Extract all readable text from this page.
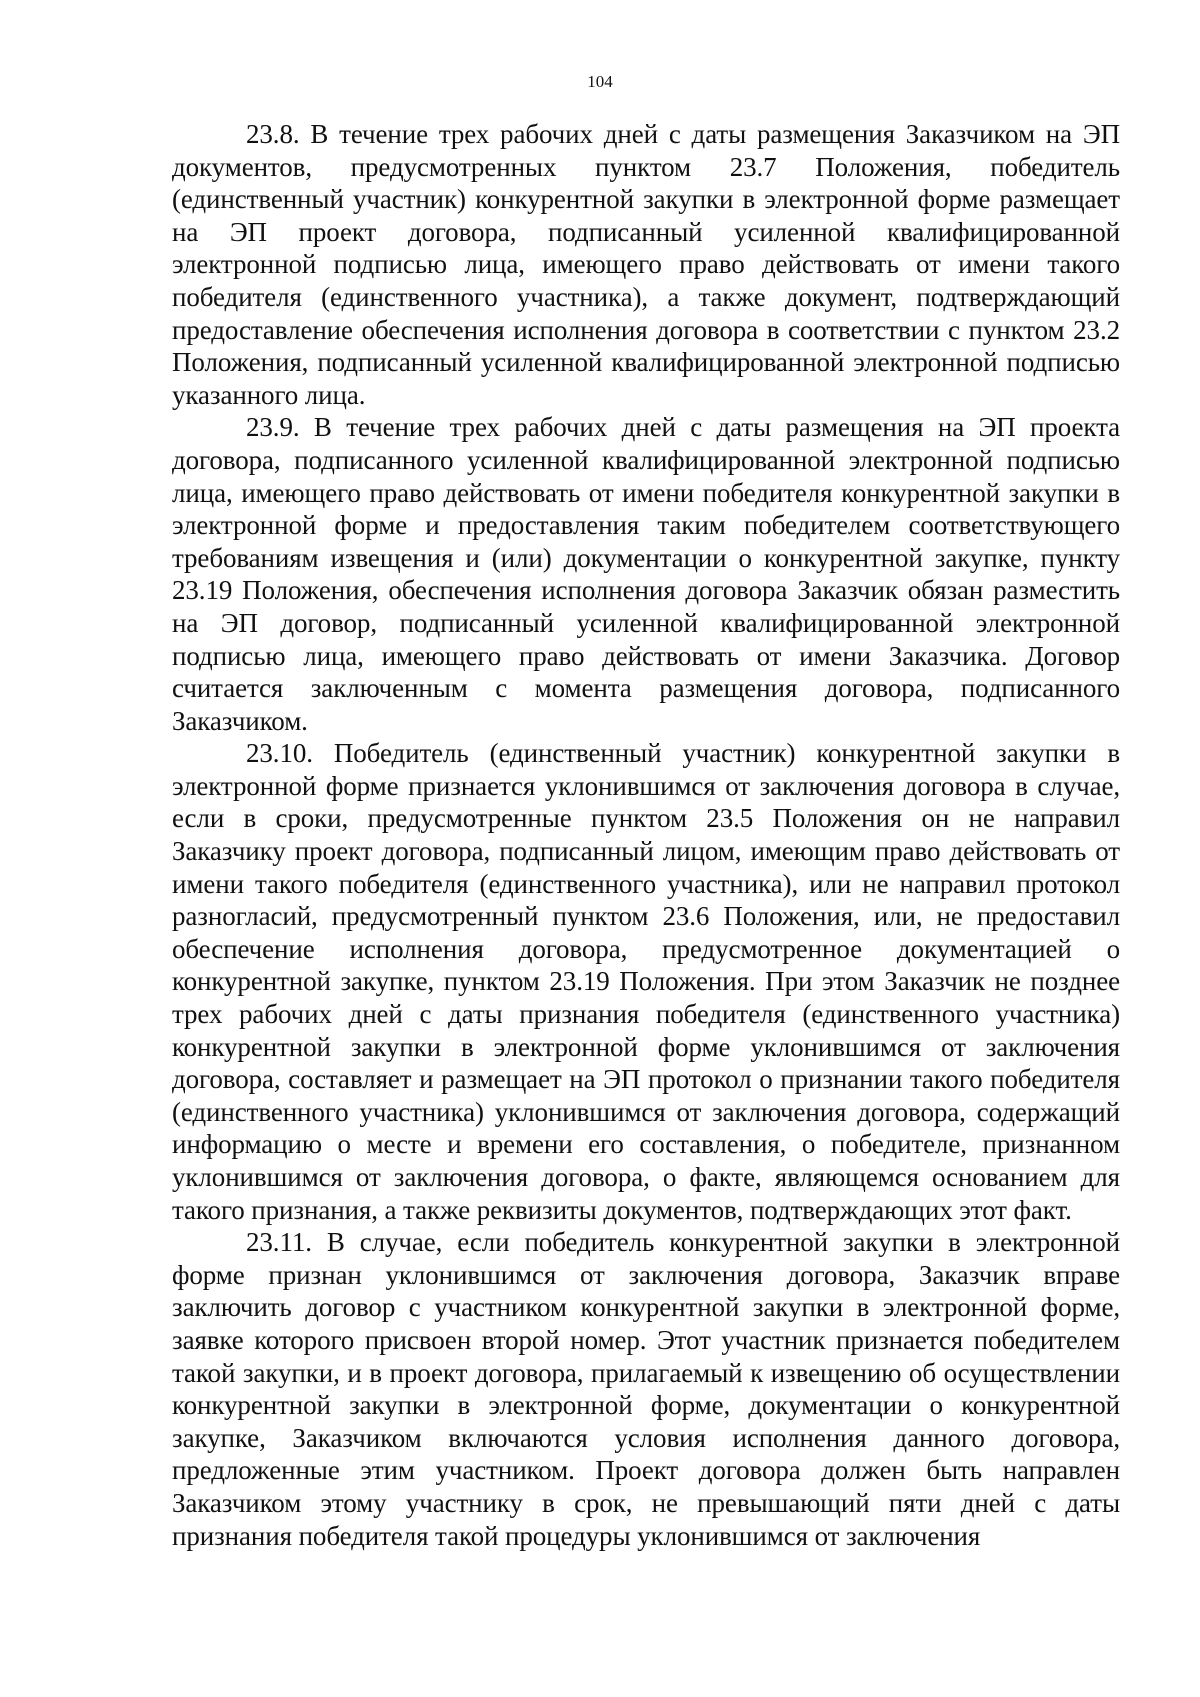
104

23.8. В течение трех рабочих дней с даты размещения Заказчиком на ЭП документов, предусмотренных пунктом 23.7 Положения, победитель (единственный участник) конкурентной закупки в электронной форме размещает на ЭП проект договора, подписанный усиленной квалифицированной электронной подписью лица, имеющего право действовать от имени такого победителя (единственного участника), а также документ, подтверждающий предоставление обеспечения исполнения договора в соответствии с пунктом 23.2 Положения, подписанный усиленной квалифицированной электронной подписью указанного лица.

23.9. В течение трех рабочих дней с даты размещения на ЭП проекта договора, подписанного усиленной квалифицированной электронной подписью лица, имеющего право действовать от имени победителя конкурентной закупки в электронной форме и предоставления таким победителем соответствующего требованиям извещения и (или) документации о конкурентной закупке, пункту 23.19 Положения, обеспечения исполнения договора Заказчик обязан разместить на ЭП договор, подписанный усиленной квалифицированной электронной подписью лица, имеющего право действовать от имени Заказчика. Договор считается заключенным с момента размещения договора, подписанного Заказчиком.

23.10. Победитель (единственный участник) конкурентной закупки в электронной форме признается уклонившимся от заключения договора в случае, если в сроки, предусмотренные пунктом 23.5 Положения он не направил Заказчику проект договора, подписанный лицом, имеющим право действовать от имени такого победителя (единственного участника), или не направил протокол разногласий, предусмотренный пунктом 23.6 Положения, или, не предоставил обеспечение исполнения договора, предусмотренное документацией о конкурентной закупке, пунктом 23.19 Положения. При этом Заказчик не позднее трех рабочих дней с даты признания победителя (единственного участника) конкурентной закупки в электронной форме уклонившимся от заключения договора, составляет и размещает на ЭП протокол о признании такого победителя (единственного участника) уклонившимся от заключения договора, содержащий информацию о месте и времени его составления, о победителе, признанном уклонившимся от заключения договора, о факте, являющемся основанием для такого признания, а также реквизиты документов, подтверждающих этот факт.

23.11. В случае, если победитель конкурентной закупки в электронной форме признан уклонившимся от заключения договора, Заказчик вправе заключить договор с участником конкурентной закупки в электронной форме, заявке которого присвоен второй номер. Этот участник признается победителем такой закупки, и в проект договора, прилагаемый к извещению об осуществлении конкурентной закупки в электронной форме, документации о конкурентной закупке, Заказчиком включаются условия исполнения данного договора, предложенные этим участником. Проект договора должен быть направлен Заказчиком этому участнику в срок, не превышающий пяти дней с даты признания победителя такой процедуры уклонившимся от заключения
